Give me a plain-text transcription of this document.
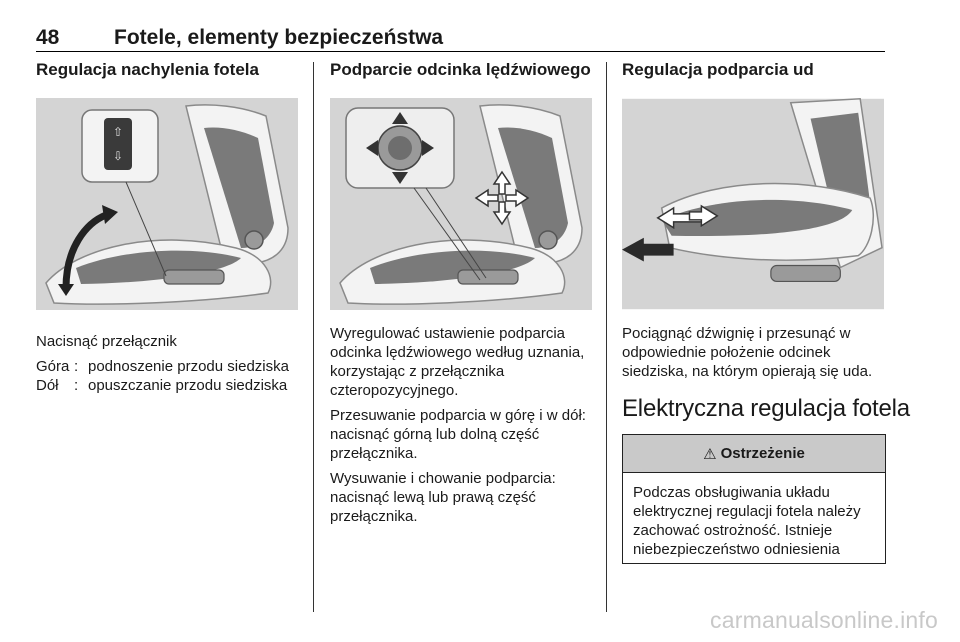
48	Fotele, elementy bezpieczeństwa
Regulacja nachylenia fotela
⇧
⇩

Nacisnąć przełącznik

Góra : podnoszenie przodu siedziska
Dół	: opuszczanie przodu siedziska
Podparcie odcinka lędźwiowego

Wyregulować ustawienie podparcia odcinka lędźwiowego według uznania, korzystając z przełącznika czteropozycyjnego.

Przesuwanie podparcia w górę i w dół: nacisnąć górną lub dolną część przełącznika.

Wysuwanie i chowanie podparcia: nacisnąć lewą lub prawą część przełącznika.

Regulacja podparcia ud

Pociągnąć dźwignię i przesunąć w odpowiednie położenie odcinek siedziska, na którym opierają się uda.

Elektryczna regulacja fotela
⚠ Ostrzeżenie
Podczas obsługiwania układu elektrycznej regulacji fotela należy zachować ostrożność. Istnieje niebezpieczeństwo odniesienia
carmanualsonline.info
